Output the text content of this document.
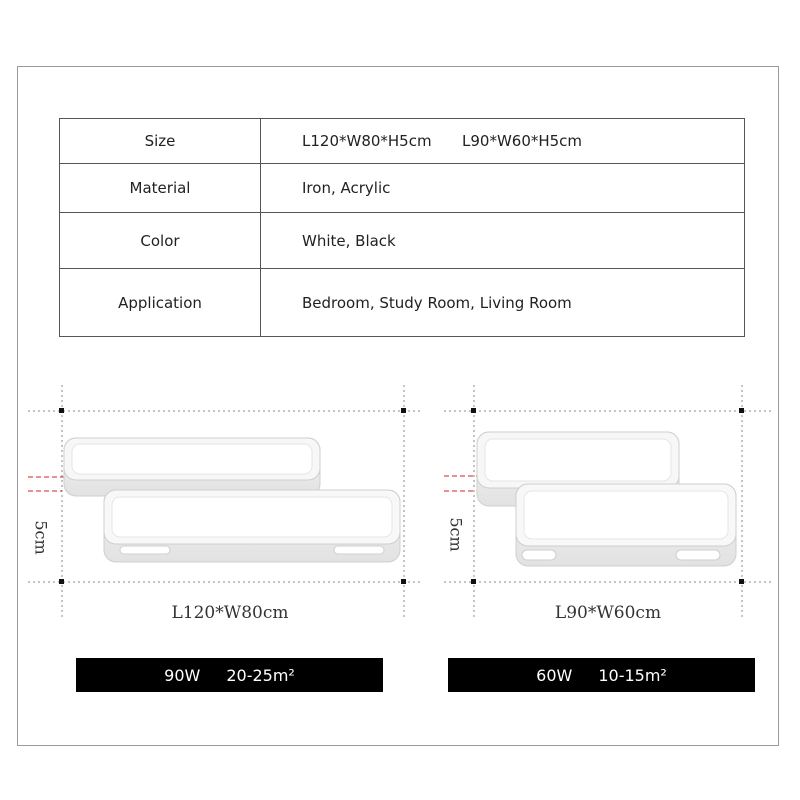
Size	L120*W80*H5cm L90*W60*H5cm
Material	Iron, Acrylic
Color	White, Black
Application	Bedroom, Study Room, Living Room
5cm	5cm
L120*W80cm	L90*W60cm
90W 20-25m²	60W 10-15m²
